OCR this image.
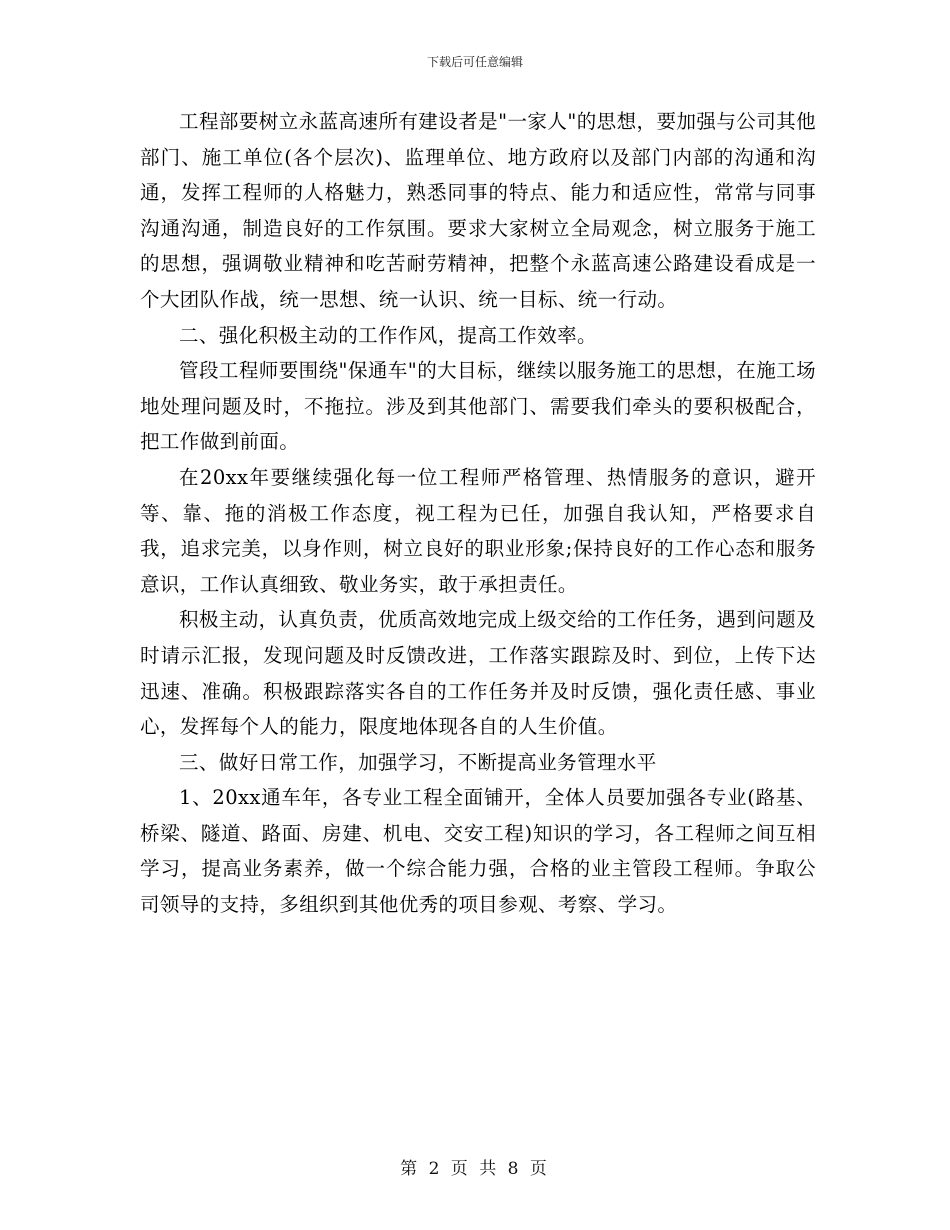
下载后可任意编辑

工程部要树立永蓝高速所有建设者是"一家人"的思想，要加强与公司其他部门、施工单位(各个层次)、监理单位、地方政府以及部门内部的沟通和沟通，发挥工程师的人格魅力，熟悉同事的特点、能力和适应性，常常与同事沟通沟通，制造良好的工作氛围。要求大家树立全局观念，树立服务于施工的思想，强调敬业精神和吃苦耐劳精神，把整个永蓝高速公路建设看成是一个大团队作战，统一思想、统一认识、统一目标、统一行动。

二、强化积极主动的工作作风，提高工作效率。

管段工程师要围绕"保通车"的大目标，继续以服务施工的思想，在施工场地处理问题及时，不拖拉。涉及到其他部门、需要我们牵头的要积极配合，把工作做到前面。

在20xx年要继续强化每一位工程师严格管理、热情服务的意识，避开等、靠、拖的消极工作态度，视工程为已任，加强自我认知，严格要求自我，追求完美，以身作则，树立良好的职业形象;保持良好的工作心态和服务意识，工作认真细致、敬业务实，敢于承担责任。

积极主动，认真负责，优质高效地完成上级交给的工作任务，遇到问题及时请示汇报，发现问题及时反馈改进，工作落实跟踪及时、到位，上传下达迅速、准确。积极跟踪落实各自的工作任务并及时反馈，强化责任感、事业心，发挥每个人的能力，限度地体现各自的人生价值。

三、做好日常工作，加强学习，不断提高业务管理水平

1、20xx通车年，各专业工程全面铺开，全体人员要加强各专业(路基、桥梁、隧道、路面、房建、机电、交安工程)知识的学习，各工程师之间互相学习，提高业务素养，做一个综合能力强，合格的业主管段工程师。争取公司领导的支持，多组织到其他优秀的项目参观、考察、学习。

第 2 页 共 8 页
